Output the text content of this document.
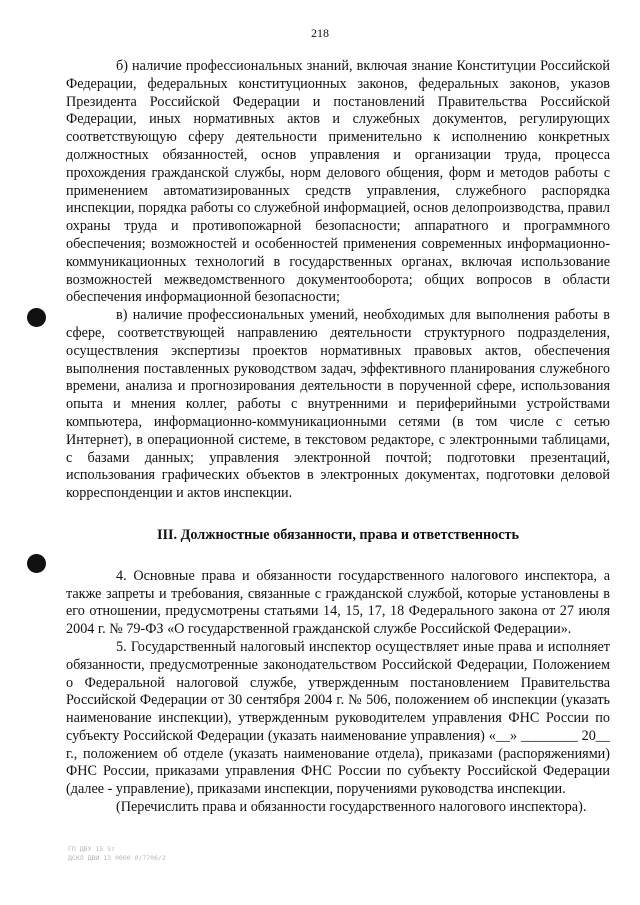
218

б) наличие профессиональных знаний, включая знание Конституции Российской Федерации, федеральных конституционных законов, федеральных законов, указов Президента Российской Федерации и постановлений Правительства Российской Федерации, иных нормативных актов и служебных документов, регулирующих соответствующую сферу деятельности применительно к исполнению конкретных должностных обязанностей, основ управления и организации труда, процесса прохождения гражданской службы, норм делового общения, форм и методов работы с применением автоматизированных средств управления, служебного распорядка инспекции, порядка работы со служебной информацией, основ делопроизводства, правил охраны труда и противопожарной безопасности; аппаратного и программного обеспечения; возможностей и особенностей применения современных информационно-коммуникационных технологий в государственных органах, включая использование возможностей межведомственного документооборота; общих вопросов в области обеспечения информационной безопасности;

в) наличие профессиональных умений, необходимых для выполнения работы в сфере, соответствующей направлению деятельности структурного подразделения, осуществления экспертизы проектов нормативных правовых актов, обеспечения выполнения поставленных руководством задач, эффективного планирования служебного времени, анализа и прогнозирования деятельности в порученной сфере, использования опыта и мнения коллег, работы с внутренними и периферийными устройствами компьютера, информационно-коммуникационными сетями (в том числе с сетью Интернет), в операционной системе, в текстовом редакторе, с электронными таблицами, с базами данных; управления электронной почтой; подготовки презентаций, использования графических объектов в электронных документах, подготовки деловой корреспонденции и актов инспекции.

III. Должностные обязанности, права и ответственность

4. Основные права и обязанности государственного налогового инспектора, а также запреты и требования, связанные с гражданской службой, которые установлены в его отношении, предусмотрены статьями 14, 15, 17, 18 Федерального закона от 27 июля 2004 г. № 79-ФЗ «О государственной гражданской службе Российской Федерации».

5. Государственный налоговый инспектор осуществляет иные права и исполняет обязанности, предусмотренные законодательством Российской Федерации, Положением о Федеральной налоговой службе, утвержденным постановлением Правительства Российской Федерации от 30 сентября 2004 г. № 506, положением об инспекции (указать наименование инспекции), утвержденным руководителем управления ФНС России по субъекту Российской Федерации (указать наименование управления) «__» ________ 20__ г., положением об отделе (указать наименование отдела), приказами (распоряжениями) ФНС России, приказами управления ФНС России по субъекту Российской Федерации (далее - управление), приказами инспекции, поручениями руководства инспекции.

(Перечислить права и обязанности государственного налогового инспектора).

ГП ДВУ 15 5т
ДСКЛ ДВИ 13 0000 0/7706/2
